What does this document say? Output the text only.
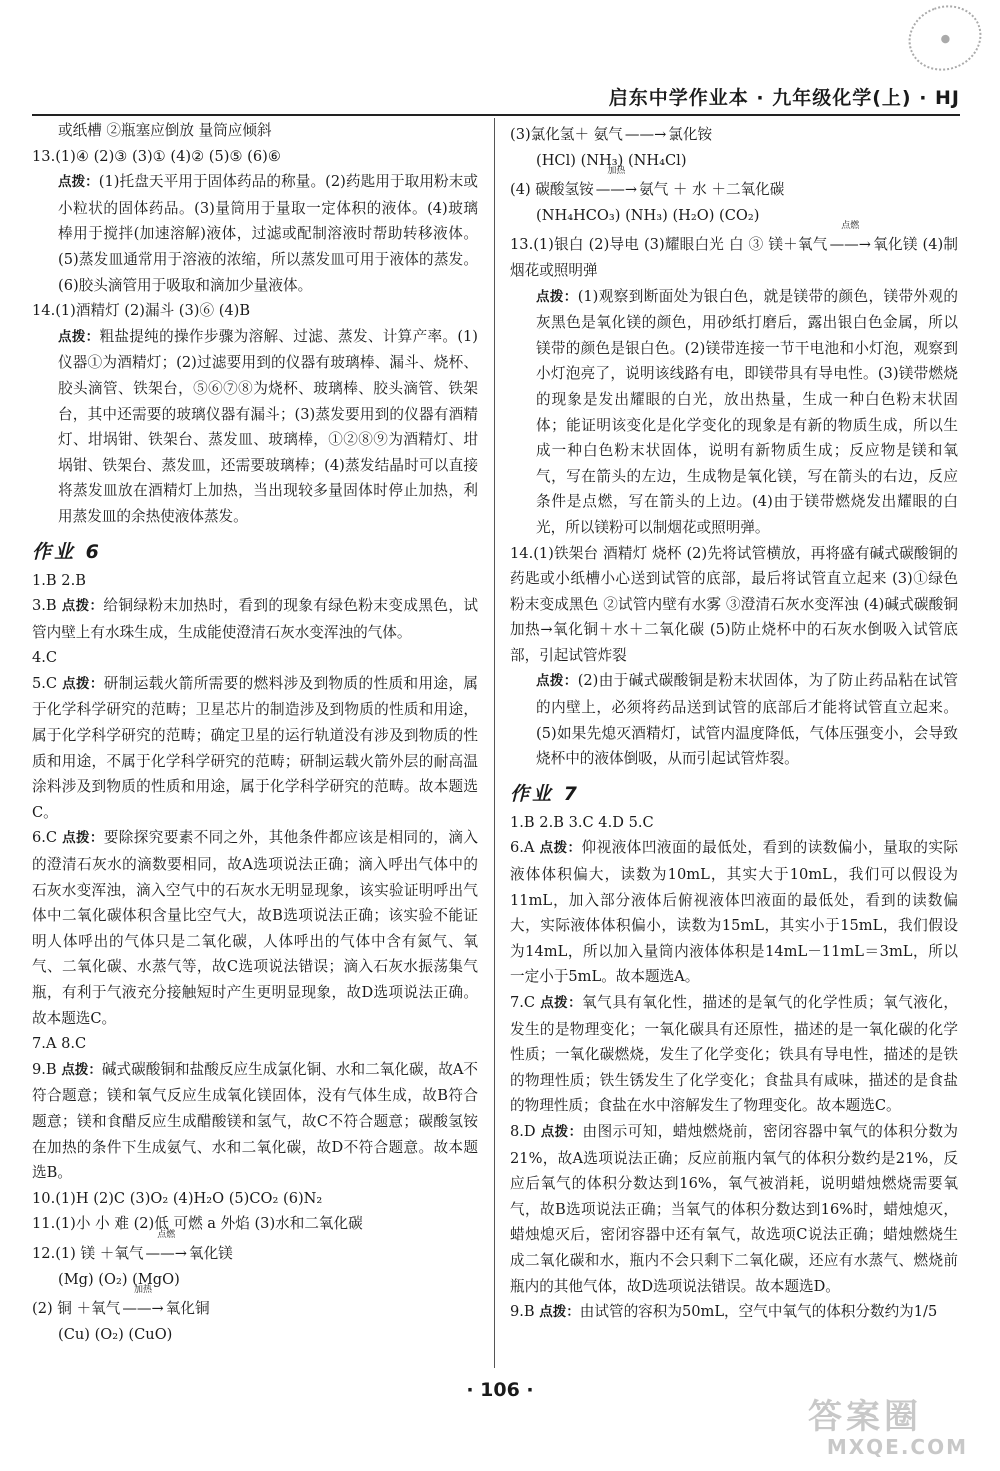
●
启东中学作业本 · 九年级化学(上) · HJ

或纸槽 ②瓶塞应倒放 量筒应倾斜

13.(1)④ (2)③ (3)① (4)② (5)⑤ (6)⑥

点拨：(1)托盘天平用于固体药品的称量。(2)药匙用于取用粉末或小粒状的固体药品。(3)量筒用于量取一定体积的液体。(4)玻璃棒用于搅拌(加速溶解)液体，过滤或配制溶液时帮助转移液体。(5)蒸发皿通常用于溶液的浓缩，所以蒸发皿可用于液体的蒸发。(6)胶头滴管用于吸取和滴加少量液体。

14.(1)酒精灯 (2)漏斗 (3)⑥ (4)B

点拨：粗盐提纯的操作步骤为溶解、过滤、蒸发、计算产率。(1)仪器①为酒精灯；(2)过滤要用到的仪器有玻璃棒、漏斗、烧杯、胶头滴管、铁架台，⑤⑥⑦⑧为烧杯、玻璃棒、胶头滴管、铁架台，其中还需要的玻璃仪器有漏斗；(3)蒸发要用到的仪器有酒精灯、坩埚钳、铁架台、蒸发皿、玻璃棒，①②⑧⑨为酒精灯、坩埚钳、铁架台、蒸发皿，还需要玻璃棒；(4)蒸发结晶时可以直接将蒸发皿放在酒精灯上加热，当出现较多量固体时停止加热，利用蒸发皿的余热使液体蒸发。

作业 6

1.B 2.B

3.B 点拨：给铜绿粉末加热时，看到的现象有绿色粉末变成黑色，试管内壁上有水珠生成，生成能使澄清石灰水变浑浊的气体。

4.C

5.C 点拨：研制运载火箭所需要的燃料涉及到物质的性质和用途，属于化学科学研究的范畴；卫星芯片的制造涉及到物质的性质和用途，属于化学科学研究的范畴；确定卫星的运行轨道没有涉及到物质的性质和用途，不属于化学科学研究的范畴；研制运载火箭外层的耐高温涂料涉及到物质的性质和用途，属于化学科学研究的范畴。故本题选C。

6.C 点拨：要除探究要素不同之外，其他条件都应该是相同的，滴入的澄清石灰水的滴数要相同，故A选项说法正确；滴入呼出气体中的石灰水变浑浊，滴入空气中的石灰水无明显现象，该实验证明呼出气体中二氧化碳体积含量比空气大，故B选项说法正确；该实验不能证明人体呼出的气体只是二氧化碳，人体呼出的气体中含有氮气、氧气、二氧化碳、水蒸气等，故C选项说法错误；滴入石灰水振荡集气瓶，有利于气液充分接触短时产生更明显现象，故D选项说法正确。故本题选C。

7.A 8.C

9.B 点拨：碱式碳酸铜和盐酸反应生成氯化铜、水和二氧化碳，故A不符合题意；镁和氧气反应生成氧化镁固体，没有气体生成，故B符合题意；镁和食醋反应生成醋酸镁和氢气，故C不符合题意；碳酸氢铵在加热的条件下生成氨气、水和二氧化碳，故D不符合题意。故本题选B。

10.(1)H (2)C (3)O₂ (4)H₂O (5)CO₂ (6)N₂

11.(1)小 小 难 (2)低 可燃 a 外焰 (3)水和二氧化碳

12.(1) 镁 ＋氧气
点燃
——→ 氧化镁

(Mg) (O₂) (MgO)

(2) 铜 ＋氧气
加热
——→ 氧化铜

(Cu) (O₂) (CuO)

(3)氯化氢＋ 氨气 ——→ 氯化铵

(HCl) (NH₃) (NH₄Cl)

(4) 碳酸氢铵
加热
——→ 氨气 ＋ 水 ＋二氧化碳

(NH₄HCO₃) (NH₃) (H₂O) (CO₂)

13.(1)银白 (2)导电 (3)耀眼白光 白 ③ 镁＋氧气
点燃
——→ 氧化镁 (4)制烟花或照明弹

点拨：(1)观察到断面处为银白色，就是镁带的颜色，镁带外观的灰黑色是氧化镁的颜色，用砂纸打磨后，露出银白色金属，所以镁带的颜色是银白色。(2)镁带连接一节干电池和小灯泡，观察到小灯泡亮了，说明该线路有电，即镁带具有导电性。(3)镁带燃烧的现象是发出耀眼的白光，放出热量，生成一种白色粉末状固体；能证明该变化是化学变化的现象是有新的物质生成，所以生成一种白色粉末状固体，说明有新物质生成；反应物是镁和氧气，写在箭头的左边，生成物是氧化镁，写在箭头的右边，反应条件是点燃，写在箭头的上边。(4)由于镁带燃烧发出耀眼的白光，所以镁粉可以制烟花或照明弹。

14.(1)铁架台 酒精灯 烧杯 (2)先将试管横放，再将盛有碱式碳酸铜的药匙或小纸槽小心送到试管的底部，最后将试管直立起来 (3)①绿色粉末变成黑色 ②试管内壁有水雾 ③澄清石灰水变浑浊 (4)碱式碳酸铜加热→氧化铜＋水＋二氧化碳 (5)防止烧杯中的石灰水倒吸入试管底部，引起试管炸裂

点拨：(2)由于碱式碳酸铜是粉末状固体，为了防止药品粘在试管的内壁上，必须将药品送到试管的底部后才能将试管直立起来。(5)如果先熄灭酒精灯，试管内温度降低，气体压强变小，会导致烧杯中的液体倒吸，从而引起试管炸裂。

作业 7

1.B 2.B 3.C 4.D 5.C

6.A 点拨：仰视液体凹液面的最低处，看到的读数偏小，量取的实际液体体积偏大，读数为10mL，其实大于10mL，我们可以假设为11mL，加入部分液体后俯视液体凹液面的最低处，看到的读数偏大，实际液体体积偏小，读数为15mL，其实小于15mL，我们假设为14mL，所以加入量筒内液体体积是14mL－11mL＝3mL，所以一定小于5mL。故本题选A。

7.C 点拨：氧气具有氧化性，描述的是氧气的化学性质；氧气液化，发生的是物理变化；一氧化碳具有还原性，描述的是一氧化碳的化学性质；一氧化碳燃烧，发生了化学变化；铁具有导电性，描述的是铁的物理性质；铁生锈发生了化学变化；食盐具有咸味，描述的是食盐的物理性质；食盐在水中溶解发生了物理变化。故本题选C。

8.D 点拨：由图示可知，蜡烛燃烧前，密闭容器中氧气的体积分数为21%，故A选项说法正确；反应前瓶内氧气的体积分数约是21%，反应后氧气的体积分数达到16%，氧气被消耗，说明蜡烛燃烧需要氧气，故B选项说法正确；当氧气的体积分数达到16%时，蜡烛熄灭，蜡烛熄灭后，密闭容器中还有氧气，故选项C说法正确；蜡烛燃烧生成二氧化碳和水，瓶内不会只剩下二氧化碳，还应有水蒸气、燃烧前瓶内的其他气体，故D选项说法错误。故本题选D。

9.B 点拨：由试管的容积为50mL，空气中氧气的体积分数约为1/5

· 106 ·
答案圈
MXQE.COM
